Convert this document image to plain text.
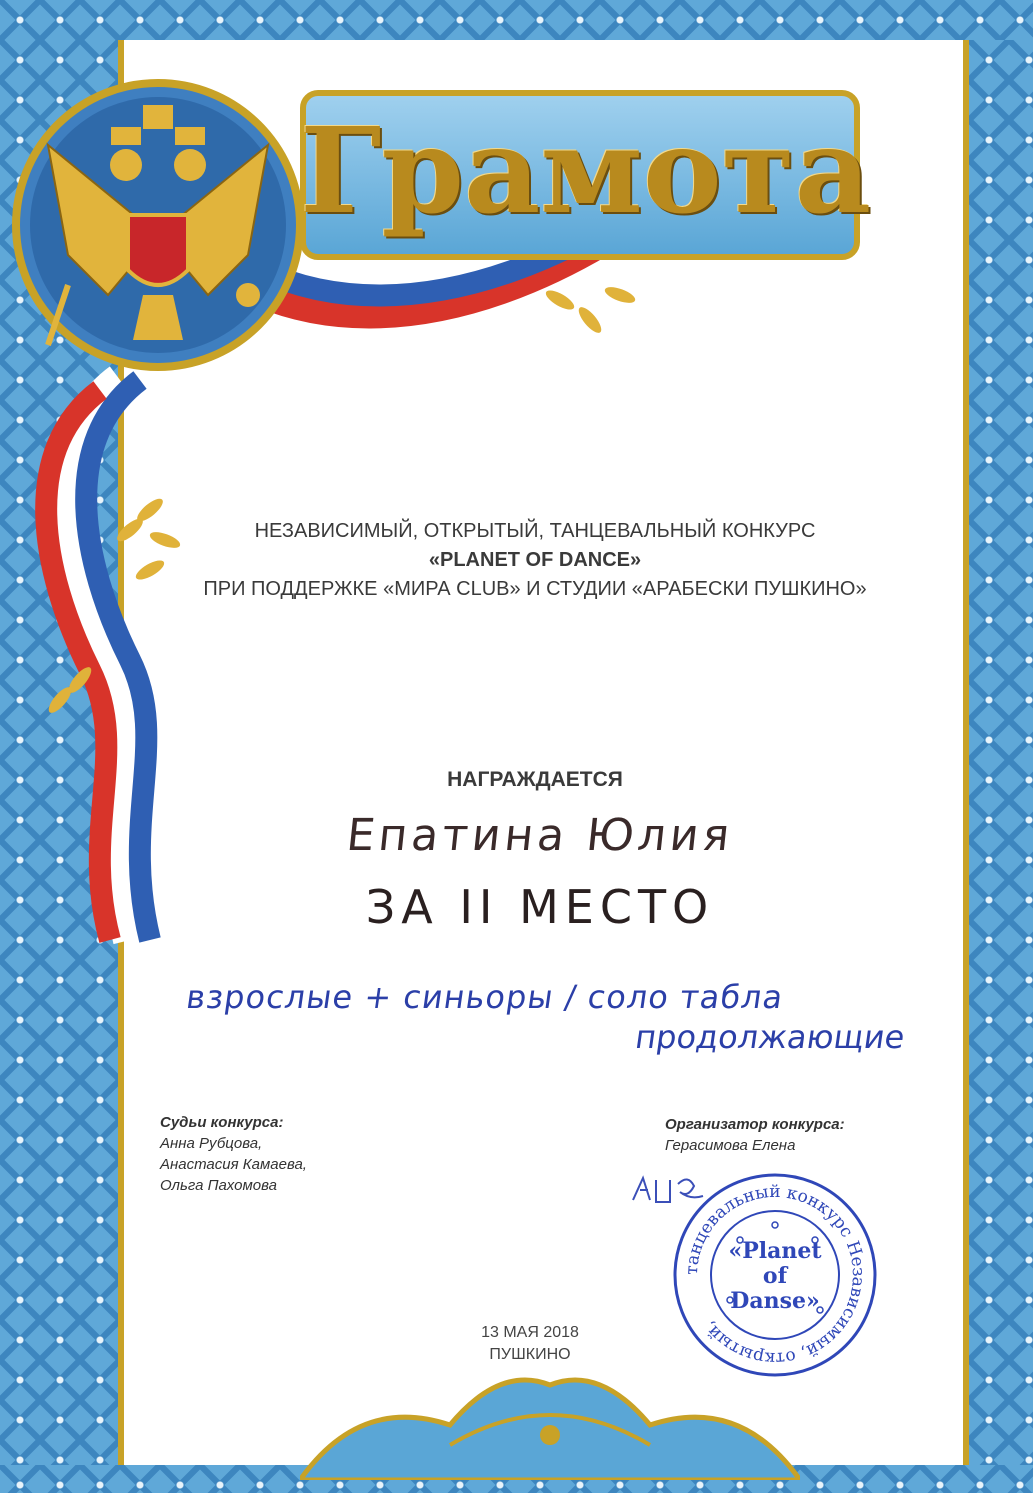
Грамота
НЕЗАВИСИМЫЙ, ОТКРЫТЫЙ, ТАНЦЕВАЛЬНЫЙ КОНКУРС
«PLANET OF DANCE»
ПРИ ПОДДЕРЖКЕ «МИРА CLUB» И СТУДИИ «АРАБЕСКИ ПУШКИНО»
НАГРАЖДАЕТСЯ
Епатина Юлия
ЗА II МЕСТО
взрослые + синьоры / соло табла
продолжающие
Судьи конкурса:
Анна Рубцова,
Анастасия Камаева,
Ольга Пахомова
Организатор конкурса:
Герасимова Елена
танцевальный конкурс Независимый, открытый,
«Planet
of
Danse»
13 МАЯ 2018
ПУШКИНО
